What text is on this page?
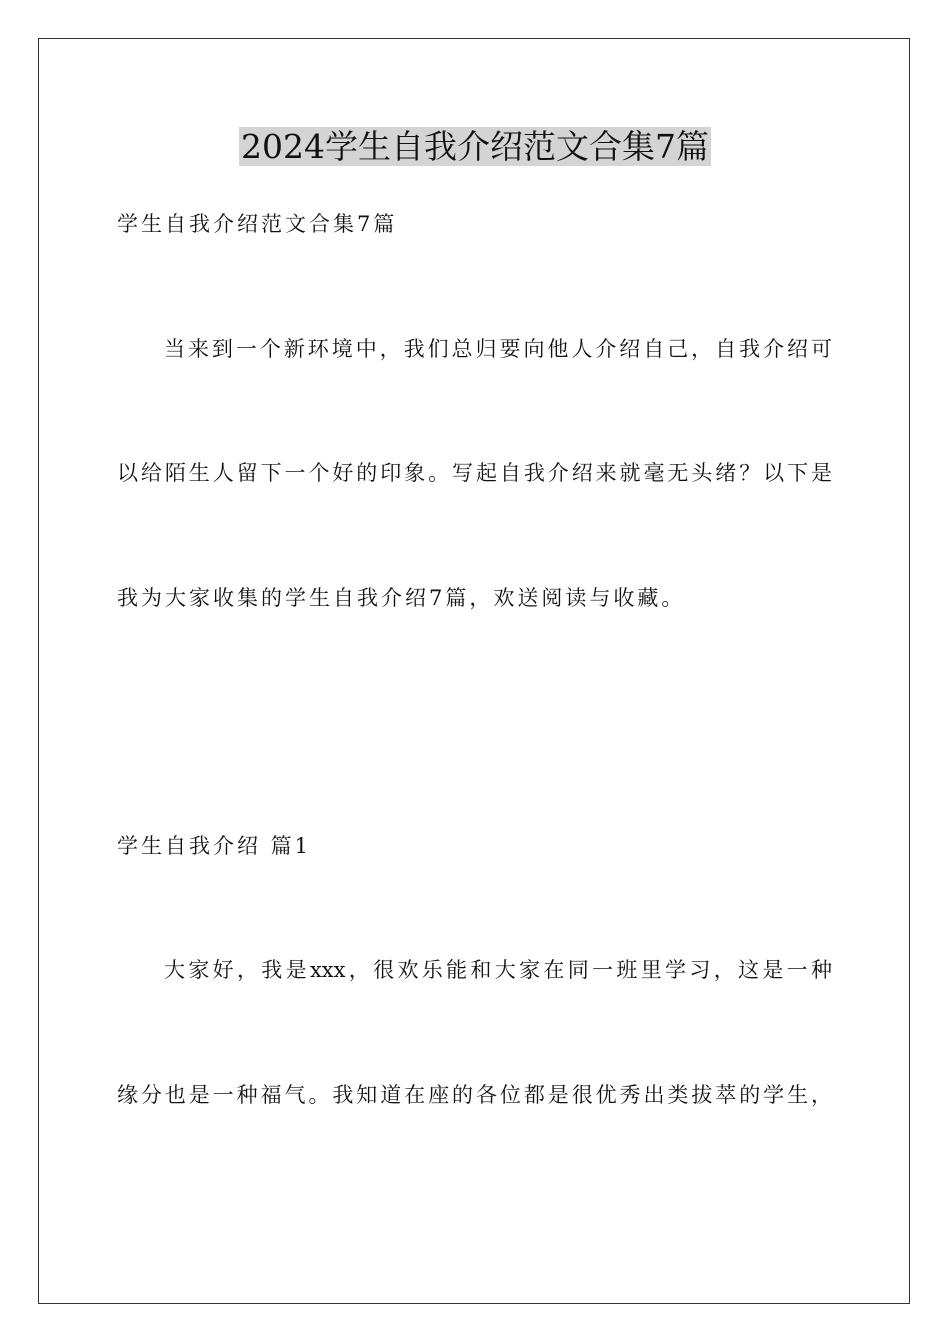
2024学生自我介绍范文合集7篇
学生自我介绍范文合集7篇
当来到一个新环境中，我们总归要向他人介绍自己，自我介绍可
以给陌生人留下一个好的印象。写起自我介绍来就毫无头绪？以下是
我为大家收集的学生自我介绍7篇，欢送阅读与收藏。
学生自我介绍 篇1
大家好，我是xxx，很欢乐能和大家在同一班里学习，这是一种
缘分也是一种福气。我知道在座的各位都是很优秀出类拔萃的学生，
